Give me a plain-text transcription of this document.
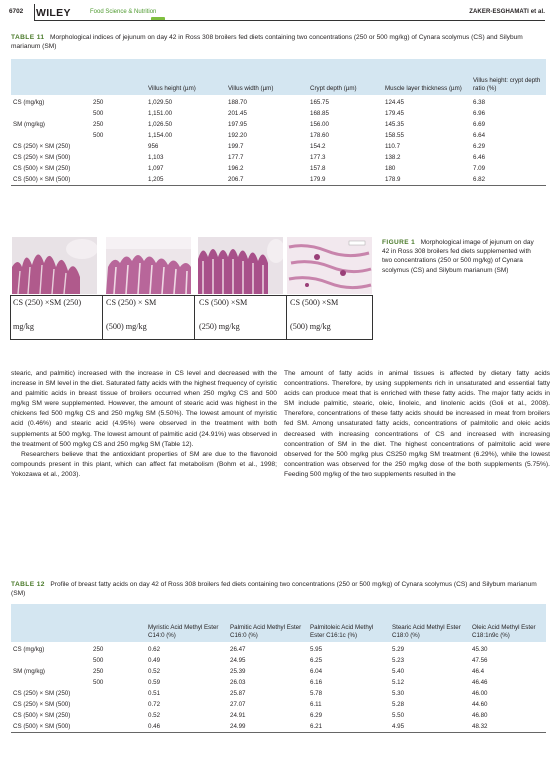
6702 WILEY	Food Science & Nutrition	ZAKER-ESGHAMATI et al.
TABLE 11 Morphological indices of jejunum on day 42 in Ross 308 broilers fed diets containing two concentrations (250 or 500 mg/kg) of Cynara scolymus (CS) and Silybum marianum (SM)
		Villus height (µm)	Villus width (µm)	Crypt depth (µm)	Muscle layer thickness (µm)	Villus height: crypt depth ratio (%)
CS (mg/kg)	250	1,029.50	188.70	165.75	124.45	6.38
	500	1,151.00	201.45	168.85	179.45	6.96
SM (mg/kg)	250	1,026.50	197.95	156.00	145.35	6.69
	500	1,154.00	192.20	178.60	158.55	6.64
CS (250) × SM (250)		956	199.7	154.2	110.7	6.29
CS (250) × SM (500)		1,103	177.7	177.3	138.2	6.46
CS (500) × SM (250)		1,097	196.2	157.8	180	7.09
CS (500) × SM (500)		1,205	206.7	179.9	178.9	6.82
CS (250) ×SM (250)
mg/kg
CS (250) × SM
(500) mg/kg
CS (500) ×SM
(250) mg/kg
CS (500) ×SM
(500) mg/kg
FIGURE 1 Morphological image of jejunum on day 42 in Ross 308 broilers fed diets supplemented with two concentrations (250 or 500 mg/kg) of Cynara scolymus (CS) and Silybum marianum (SM)

stearic, and palmitic) increased with the increase in CS level and decreased with the increase in SM level in the diet. Saturated fatty acids with the highest frequency of cyristic and palmitic acids in breast tissue of broilers occurred when 250 mg/kg CS and 500 mg/kg SM were supplemented. However, the amount of stearic acid was highest in the chickens fed 500 mg/kg CS and 250 mg/kg SM (5.50%). The lowest amount of myristic acid (0.46%) and stearic acid (4.95%) were observed in the treatment with both supplements at 500 mg/kg. The lowest amount of palmitic acid (24.91%) was observed in the treatment of 500 mg/kg CS and 250 mg/kg SM (Table 12).

Researchers believe that the antioxidant properties of SM are due to the flavonoid compounds present in this plant, which can affect fat metabolism (Bohm et al., 1998; Yokozawa et al., 2003).

The amount of fatty acids in animal tissues is affected by dietary fatty acids concentrations. Therefore, by using supplements rich in unsaturated and essential fatty acids can produce meat that is enriched with these fatty acids. The major fatty acids in SM include palmitic, stearic, oleic, linoleic, and linolenic acids (Goli et al., 2008). Therefore, concentrations of these fatty acids should be increased in meat from broilers fed SM. Among unsaturated fatty acids, concentrations of palmitolic and oleic acids decreased with increasing concentrations of CS and increased with increasing concentration of SM in the diet. The highest concentrations of palmitolic acid were observed for the 500 mg/kg plus CS250 mg/kg SM treatment (6.29%), while the lowest concentration was observed for the 250 mg/kg dose of the both supplements (5.75%). Feeding 500 mg/kg of the two supplements resulted in the

TABLE 12 Profile of breast fatty acids on day 42 of Ross 308 broilers fed diets containing two concentrations (250 or 500 mg/kg) of Cynara scolymus (CS) and Silybum marianum (SM)
		Myristic Acid Methyl Ester C14:0 (%)	Palmitic Acid Methyl Ester C16:0 (%)	Palmitoleic Acid Methyl Ester C16:1c (%)	Stearic Acid Methyl Ester C18:0 (%)	Oleic Acid Methyl Ester C18:1n9c (%)
CS (mg/kg)	250	0.62	26.47	5.95	5.29	45.30
	500	0.49	24.95	6.25	5.23	47.56
SM (mg/kg)	250	0.52	25.39	6.04	5.40	46.4
	500	0.59	26.03	6.16	5.12	46.46
CS (250) × SM (250)		0.51	25.87	5.78	5.30	46.00
CS (250) × SM (500)		0.72	27.07	6.11	5.28	44.60
CS (500) × SM (250)		0.52	24.91	6.29	5.50	46.80
CS (500) × SM (500)		0.46	24.99	6.21	4.95	48.32
